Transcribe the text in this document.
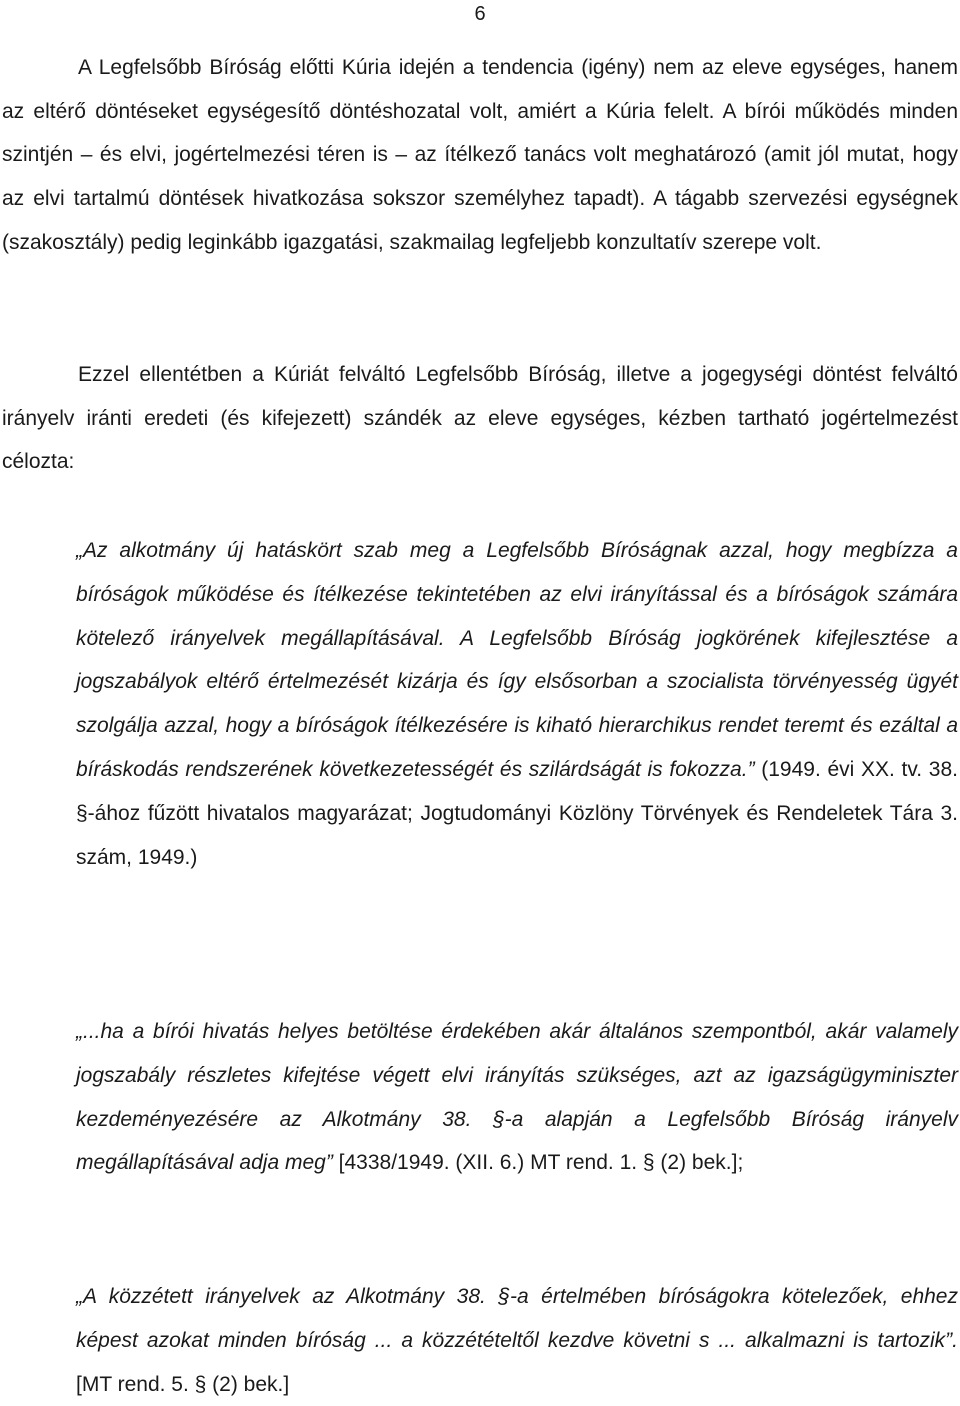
6

A Legfelsőbb Bíróság előtti Kúria idején a tendencia (igény) nem az eleve egységes, hanem az eltérő döntéseket egységesítő döntéshozatal volt, amiért a Kúria felelt. A bírói működés minden szintjén – és elvi, jogértelmezési téren is – az ítélkező tanács volt meghatározó (amit jól mutat, hogy az elvi tartalmú döntések hivatkozása sokszor személyhez tapadt). A tágabb szervezési egységnek (szakosztály) pedig leginkább igazgatási, szakmailag legfeljebb konzultatív szerepe volt.

Ezzel ellentétben a Kúriát felváltó Legfelsőbb Bíróság, illetve a jogegységi döntést felváltó irányelv iránti eredeti (és kifejezett) szándék az eleve egységes, kézben tartható jogértelmezést célozta:

„Az alkotmány új hatáskört szab meg a Legfelsőbb Bíróságnak azzal, hogy megbízza a bíróságok működése és ítélkezése tekintetében az elvi irányítással és a bíróságok számára kötelező irányelvek megállapításával. A Legfelsőbb Bíróság jogkörének kifejlesztése a jogszabályok eltérő értelmezését kizárja és így elsősorban a szocialista törvényesség ügyét szolgálja azzal, hogy a bíróságok ítélkezésére is kiható hierarchikus rendet teremt és ezáltal a bíráskodás rendszerének következetességét és szilárdságát is fokozza.” (1949. évi XX. tv. 38. §-ához fűzött hivatalos magyarázat; Jogtudományi Közlöny Törvények és Rendeletek Tára 3. szám, 1949.)

„...ha a bírói hivatás helyes betöltése érdekében akár általános szempontból, akár valamely jogszabály részletes kifejtése végett elvi irányítás szükséges, azt az igazságügyminiszter kezdeményezésére az Alkotmány 38. §-a alapján a Legfelsőbb Bíróság irányelv megállapításával adja meg” [4338/1949. (XII. 6.) MT rend. 1. § (2) bek.];

„A közzétett irányelvek az Alkotmány 38. §-a értelmében bíróságokra kötelezőek, ehhez képest azokat minden bíróság ... a közzétételtől kezdve követni s ... alkalmazni is tartozik”. [MT rend. 5. § (2) bek.]
